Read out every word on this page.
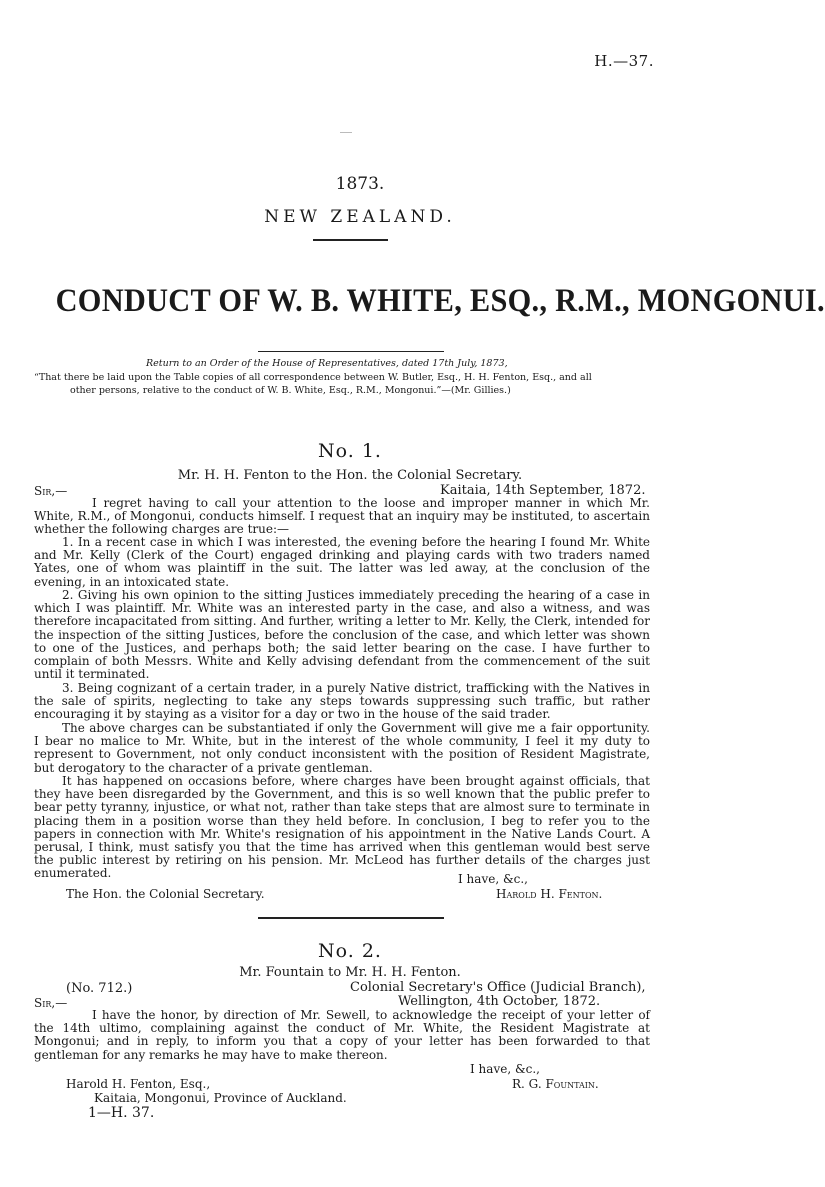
H.—37.
1873.
NEW ZEALAND.
CONDUCT OF W. B. WHITE, ESQ., R.M., MONGONUI.
Return to an Order of the House of Representatives, dated 17th July, 1873,
“That there be laid upon the Table copies of all correspondence between W. Butler, Esq., H. H. Fenton, Esq., and all
other persons, relative to the conduct of W. B. White, Esq., R.M., Mongonui.”—(Mr. Gillies.)
No. 1.
Mr. H. H. Fenton to the Hon. the Colonial Secretary.
Sir,—	Kaitaia, 14th September, 1872.
I regret having to call your attention to the loose and improper manner in which Mr. White, R.M., of Mongonui, conducts himself. I request that an inquiry may be instituted, to ascertain whether the following charges are true:—
1. In a recent case in which I was interested, the evening before the hearing I found Mr. White and Mr. Kelly (Clerk of the Court) engaged drinking and playing cards with two traders named Yates, one of whom was plaintiff in the suit. The latter was led away, at the conclusion of the evening, in an intoxicated state.
2. Giving his own opinion to the sitting Justices immediately preceding the hearing of a case in which I was plaintiff. Mr. White was an interested party in the case, and also a witness, and was therefore incapacitated from sitting. And further, writing a letter to Mr. Kelly, the Clerk, intended for the inspection of the sitting Justices, before the conclusion of the case, and which letter was shown to one of the Justices, and perhaps both; the said letter bearing on the case. I have further to complain of both Messrs. White and Kelly advising defendant from the commencement of the suit until it terminated.
3. Being cognizant of a certain trader, in a purely Native district, trafficking with the Natives in the sale of spirits, neglecting to take any steps towards suppressing such traffic, but rather encouraging it by staying as a visitor for a day or two in the house of the said trader.
The above charges can be substantiated if only the Government will give me a fair opportunity. I bear no malice to Mr. White, but in the interest of the whole community, I feel it my duty to represent to Government, not only conduct inconsistent with the position of Resident Magistrate, but derogatory to the character of a private gentleman.
It has happened on occasions before, where charges have been brought against officials, that they have been disregarded by the Government, and this is so well known that the public prefer to bear petty tyranny, injustice, or what not, rather than take steps that are almost sure to terminate in placing them in a position worse than they held before. In conclusion, I beg to refer you to the papers in connection with Mr. White's resignation of his appointment in the Native Lands Court. A perusal, I think, must satisfy you that the time has arrived when this gentleman would best serve the public interest by retiring on his pension. Mr. McLeod has further details of the charges just enumerated.	I have, &c.,
The Hon. the Colonial Secretary.	Harold H. Fenton.
No. 2.
Mr. Fountain to Mr. H. H. Fenton.
(No. 712.)	Colonial Secretary's Office (Judicial Branch),
Sir,—	Wellington, 4th October, 1872.
I have the honor, by direction of Mr. Sewell, to acknowledge the receipt of your letter of the 14th ultimo, complaining against the conduct of Mr. White, the Resident Magistrate at Mongonui; and in reply, to inform you that a copy of your letter has been forwarded to that gentleman for any remarks he may have to make thereon.
I have, &c.,
Harold H. Fenton, Esq.,	R. G. Fountain.
Kaitaia, Mongonui, Province of Auckland.
1—H. 37.
